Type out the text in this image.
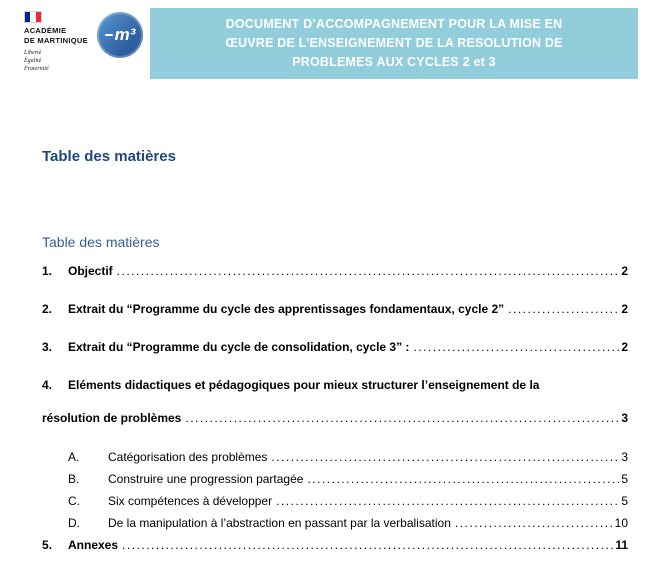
ACADÉMIE
DE MARTINIQUE
Liberté
Égalité
Fraternité
m³
DOCUMENT D’ACCOMPAGNEMENT POUR LA MISE EN
ŒUVRE DE L’ENSEIGNEMENT DE LA RESOLUTION DE
PROBLEMES AUX CYCLES 2 et 3
Table des matières
Table des matières
1.	Objectif .....	2
2.	Extrait du “Programme du cycle des apprentissages fondamentaux, cycle 2” .....	2
3.	Extrait du “Programme du cycle de consolidation, cycle 3” : .....	2
4.	Eléments didactiques et pédagogiques pour mieux structurer l’enseignement de la
résolution de problèmes .....	3
A.	Catégorisation des problèmes .....	3
B.	Construire une progression partagée .....	5
C.	Six compétences à développer .....	5
D.	De la manipulation à l’abstraction en passant par la verbalisation .....	10
5.	Annexes .....	11
